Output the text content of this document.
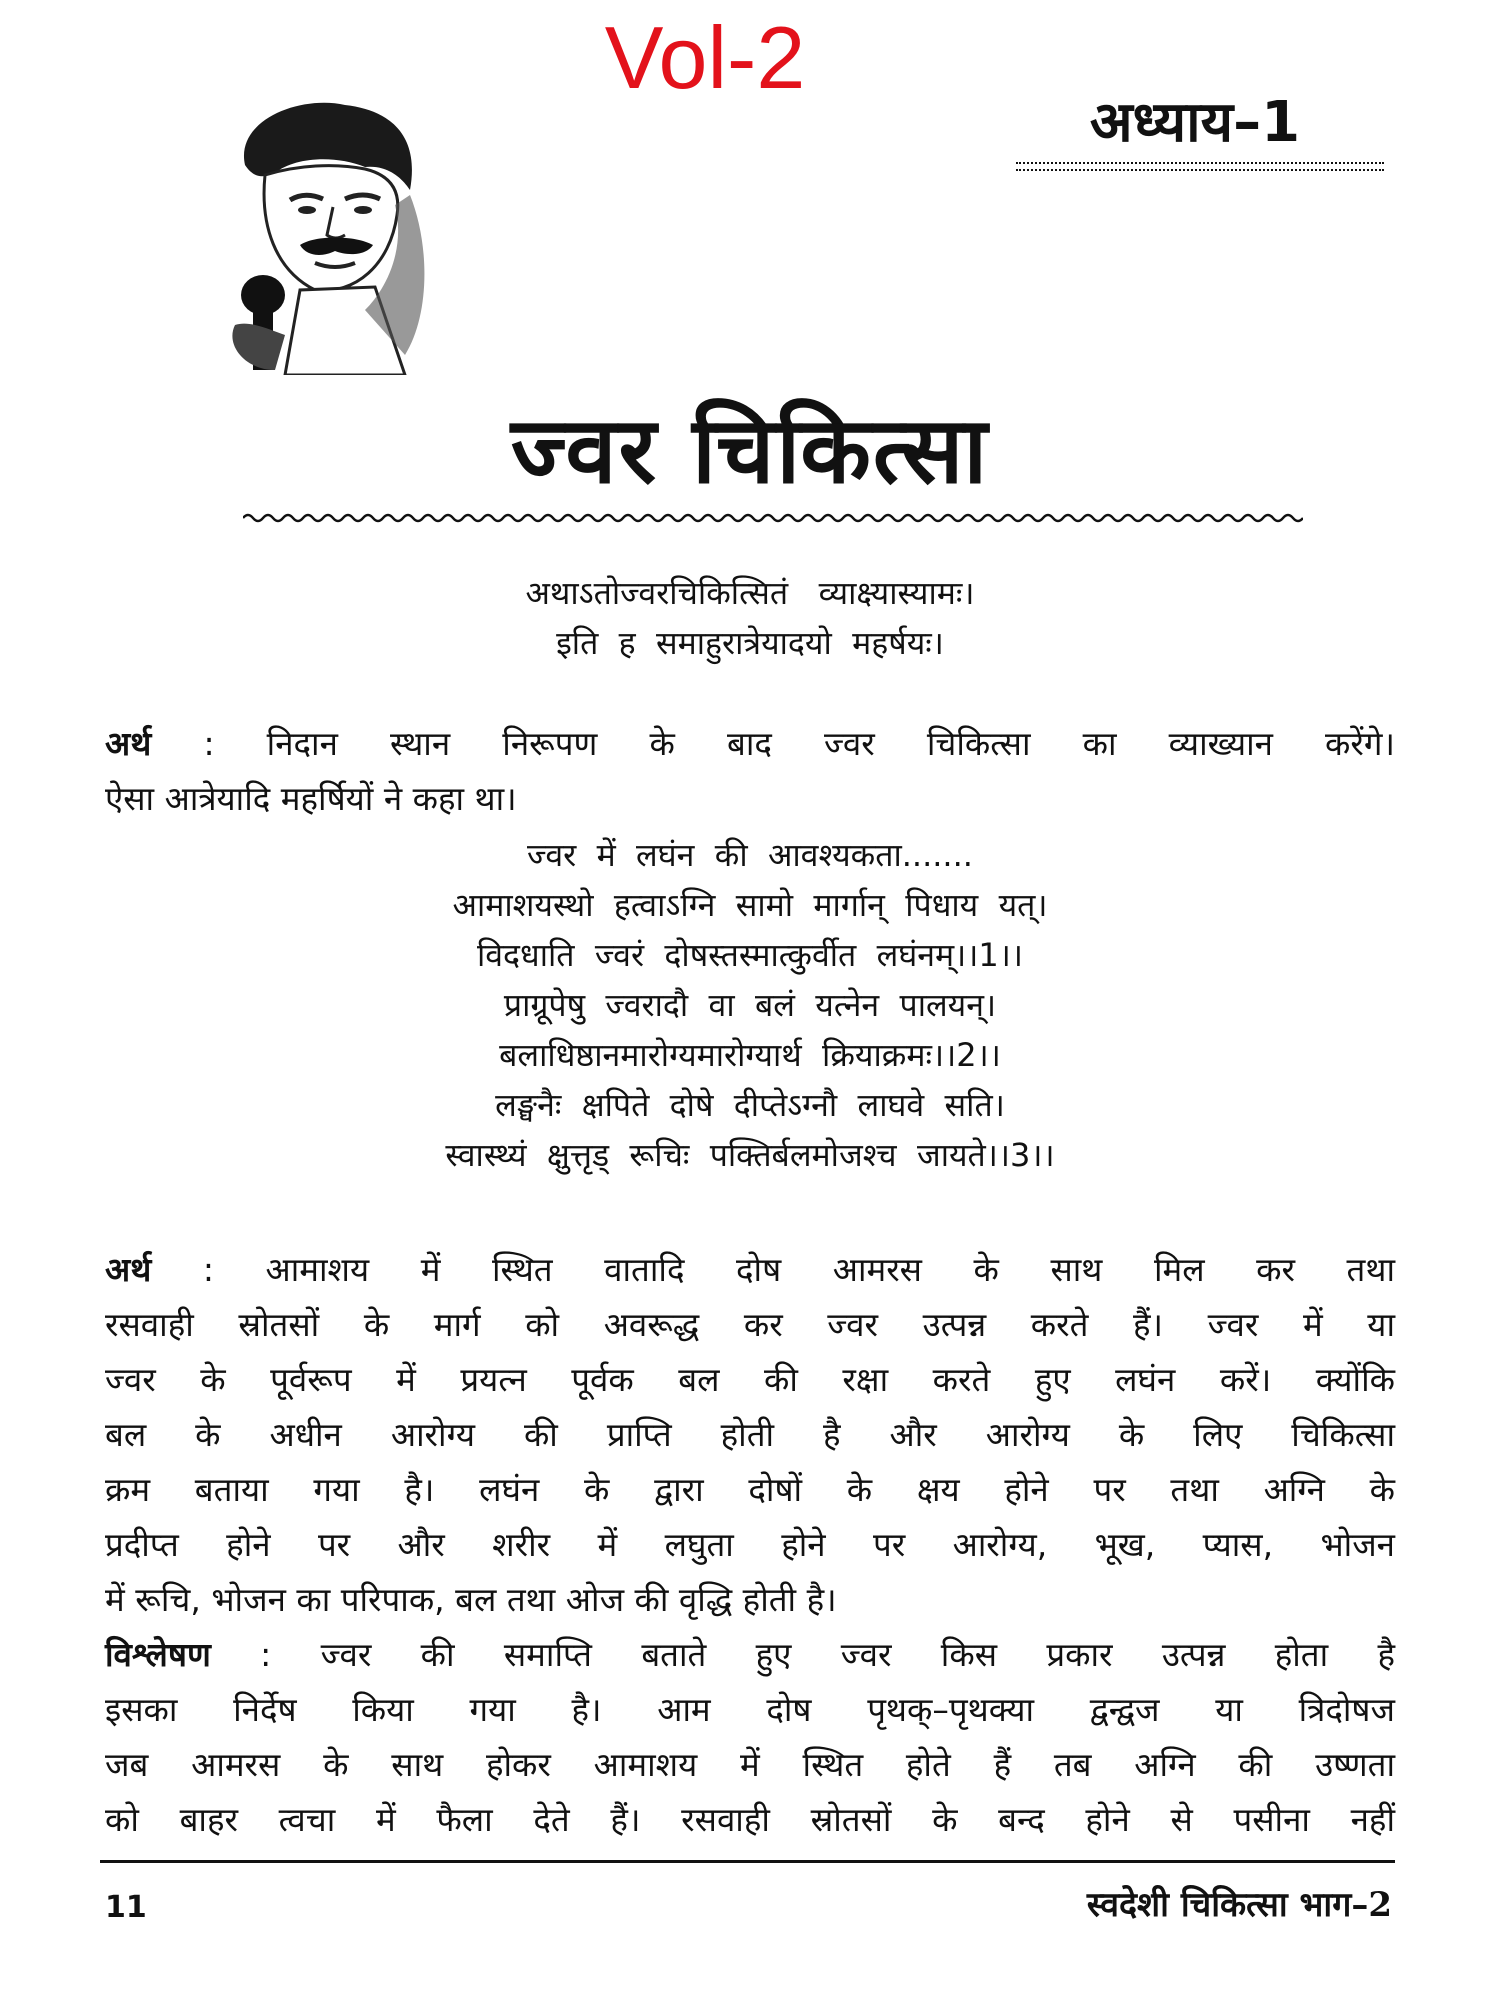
Vol-2
अध्याय–1
ज्वर चिकित्सा
अथाऽतोज्वरचिकित्सितं   व्याक्ष्यास्यामः।
इति  ह  समाहुरात्रेयादयो  महर्षयः।
अर्थ : निदान स्थान निरूपण के बाद ज्वर चिकित्सा का व्याख्यान करेंगे।
ऐसा आत्रेयादि महर्षियों ने कहा था।
ज्वर  में  लघंन  की  आवश्यकता.......
आमाशयस्थो  हत्वाऽग्नि  सामो  मार्गान्  पिधाय  यत्।
विदधाति  ज्वरं  दोषस्तस्मात्कुर्वीत  लघंनम्।।1।।
प्राग्रूपेषु  ज्वरादौ  वा  बलं  यत्नेन  पालयन्।
बलाधिष्ठानमारोग्यमारोग्यार्थ  क्रियाक्रमः।।2।।
लङ्घनैः  क्षपिते  दोषे  दीप्तेऽग्नौ  लाघवे  सति।
स्वास्थ्यं  क्षुत्तृड्  रूचिः  पक्तिर्बलमोजश्च  जायते।।3।।
अर्थ : आमाशय में स्थित वातादि दोष आमरस के साथ मिल कर तथा
रसवाही स्रोतसों के मार्ग को अवरूद्ध कर ज्वर उत्पन्न करते हैं। ज्वर में या
ज्वर के पूर्वरूप में प्रयत्न पूर्वक बल की रक्षा करते हुए लघंन करें। क्योंकि
बल के अधीन आरोग्य की प्राप्ति होती है और आरोग्य के लिए चिकित्सा
क्रम बताया गया है। लघंन के द्वारा दोषों के क्षय होने पर तथा अग्नि के
प्रदीप्त होने पर और शरीर में लघुता होने पर आरोग्य, भूख, प्यास, भोजन
में रूचि, भोजन का परिपाक, बल तथा ओज की वृद्धि होती है।
विश्लेषण : ज्वर की समाप्ति बताते हुए ज्वर किस प्रकार उत्पन्न होता है
इसका निर्देष किया गया है। आम दोष पृथक्–पृथक्या द्वन्द्वज या त्रिदोषज
जब आमरस के साथ होकर आमाशय में स्थित होते हैं तब अग्नि की उष्णता
को बाहर त्वचा में फैला देते हैं। रसवाही स्रोतसों के बन्द होने से पसीना नहीं
11	स्वदेशी चिकित्सा भाग–2
